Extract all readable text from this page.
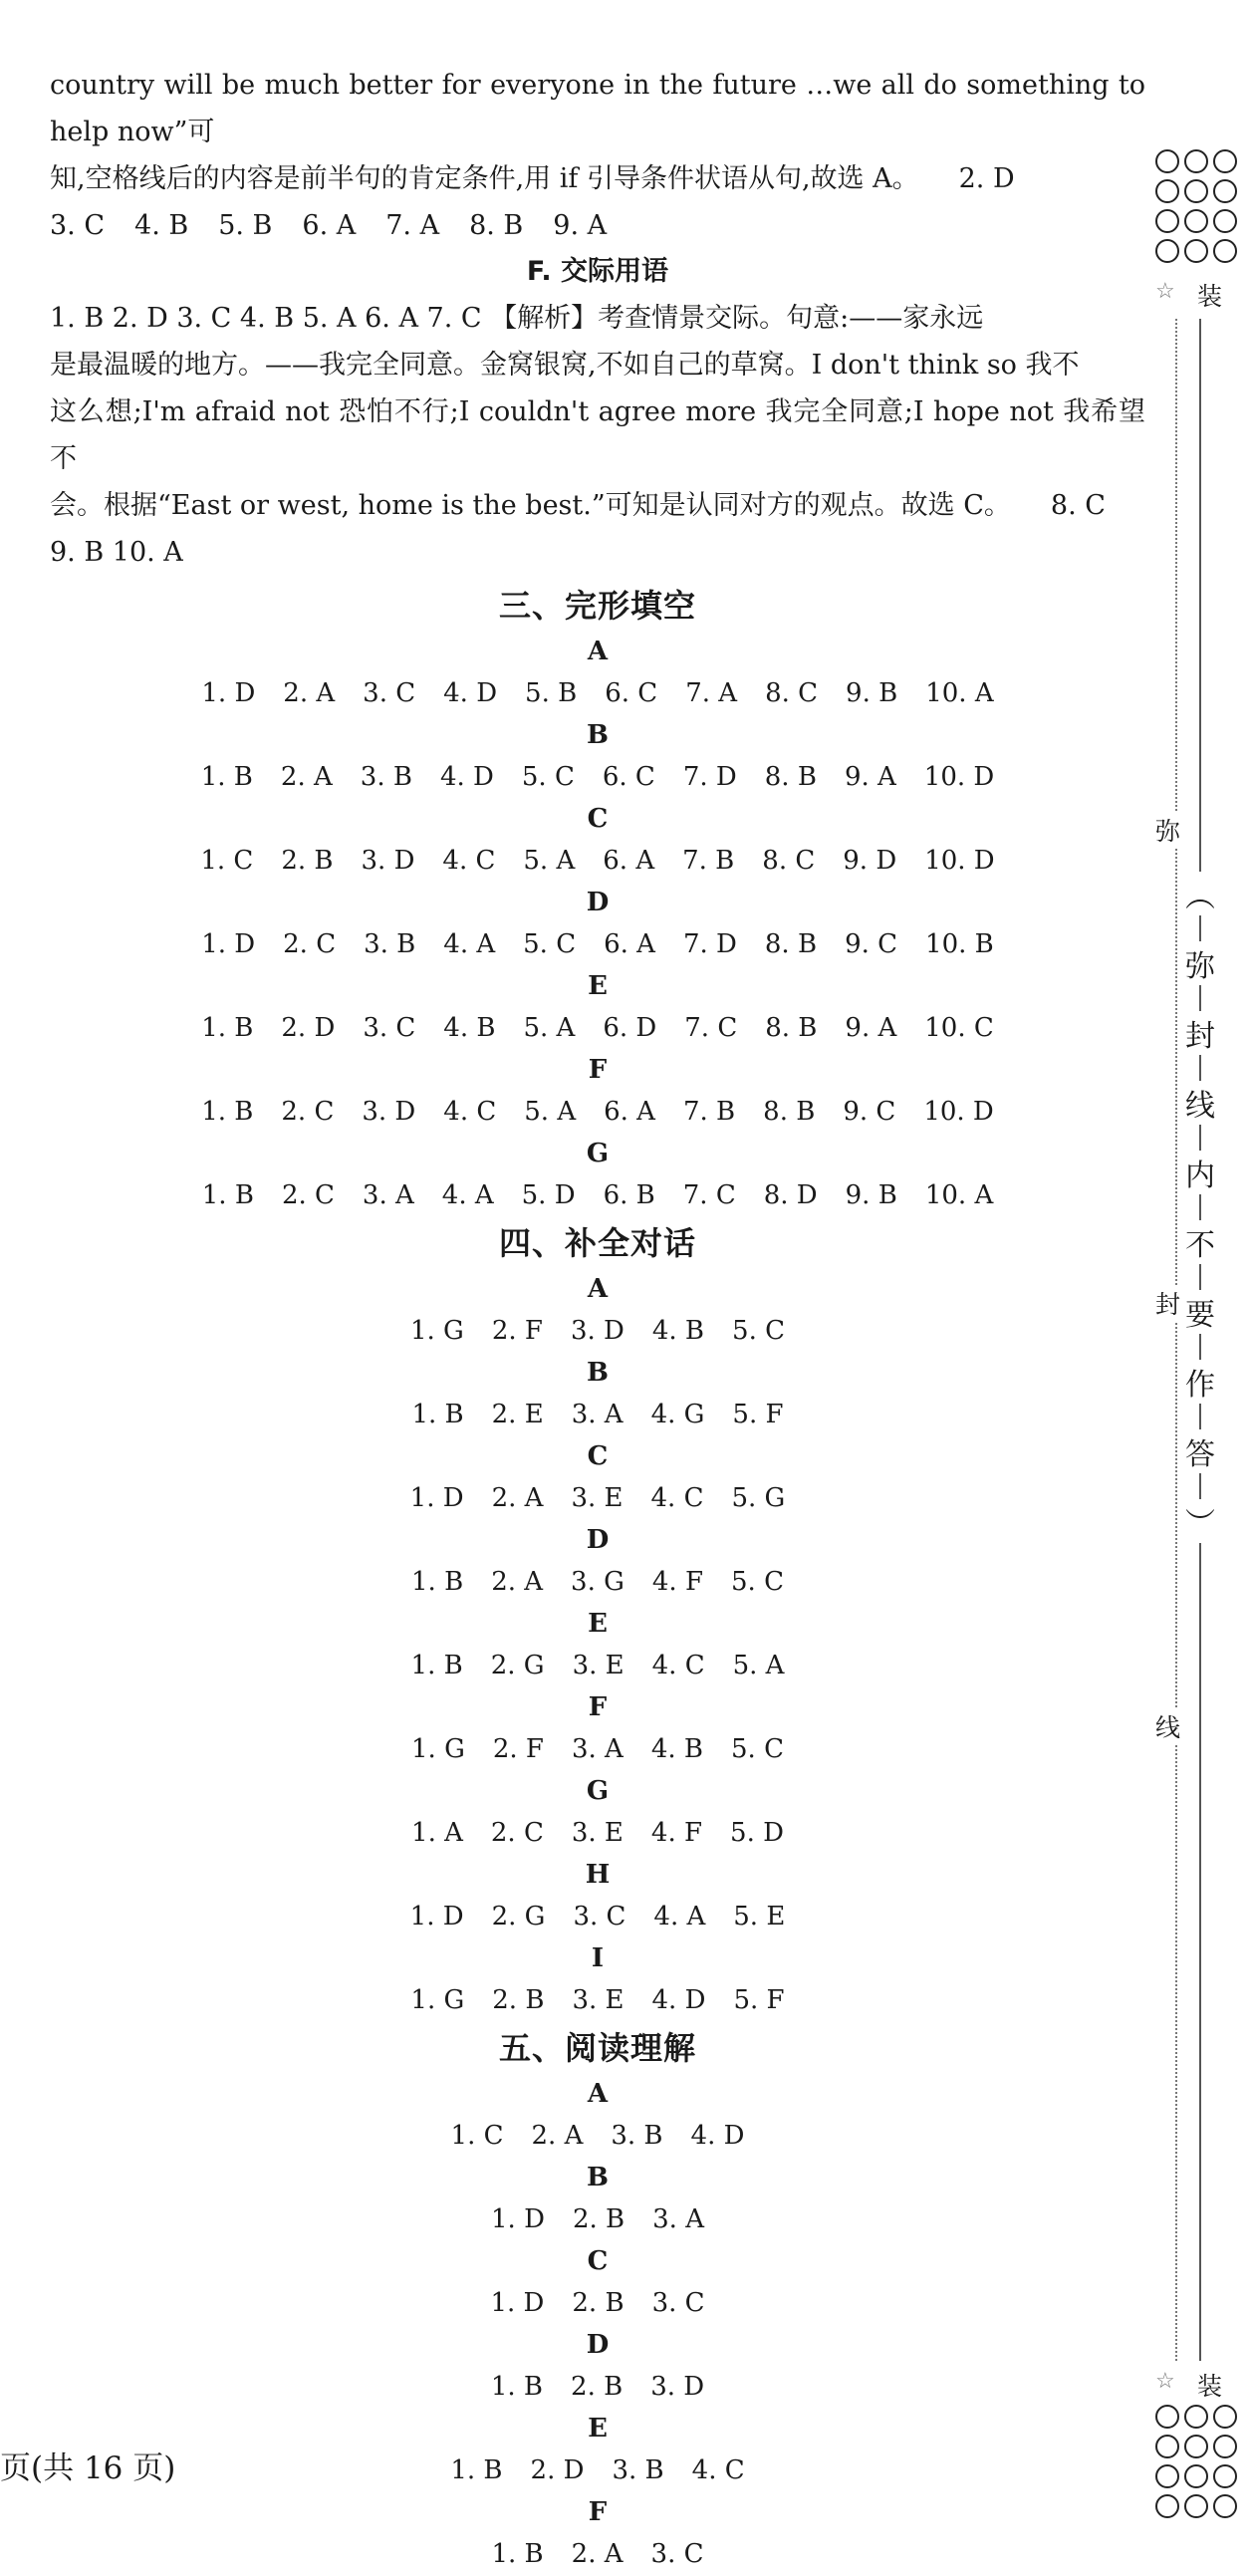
country will be much better for everyone in the future …we all do something to help now”可
知,空格线后的内容是前半句的肯定条件,用 if 引导条件状语从句,故选 A。 2. D
3. C 4. B 5. B 6. A 7. A 8. B 9. A

F. 交际用语

1. B 2. D 3. C 4. B 5. A 6. A 7. C 【解析】考查情景交际。句意:——家永远
是最温暖的地方。——我完全同意。金窝银窝,不如自己的草窝。I don't think so 我不
这么想;I'm afraid not 恐怕不行;I couldn't agree more 我完全同意;I hope not 我希望不
会。根据“East or west, home is the best.”可知是认同对方的观点。故选 C。 8. C
9. B 10. A

三、完形填空
A
1. D 2. A 3. C 4. D 5. B 6. C 7. A 8. C 9. B 10. A
B
1. B 2. A 3. B 4. D 5. C 6. C 7. D 8. B 9. A 10. D
C
1. C 2. B 3. D 4. C 5. A 6. A 7. B 8. C 9. D 10. D
D
1. D 2. C 3. B 4. A 5. C 6. A 7. D 8. B 9. C 10. B
E
1. B 2. D 3. C 4. B 5. A 6. D 7. C 8. B 9. A 10. C
F
1. B 2. C 3. D 4. C 5. A 6. A 7. B 8. B 9. C 10. D
G
1. B 2. C 3. A 4. A 5. D 6. B 7. C 8. D 9. B 10. A
四、补全对话
A
1. G 2. F 3. D 4. B 5. C
B
1. B 2. E 3. A 4. G 5. F
C
1. D 2. A 3. E 4. C 5. G
D
1. B 2. A 3. G 4. F 5. C
E
1. B 2. G 3. E 4. C 5. A
F
1. G 2. F 3. A 4. B 5. C
G
1. A 2. C 3. E 4. F 5. D
H
1. D 2. G 3. C 4. A 5. E
I
1. G 2. B 3. E 4. D 5. F
五、阅读理解
A
1. C 2. A 3. B 4. D
B
1. D 2. B 3. A
C
1. D 2. B 3. C
D
1. B 2. B 3. D
E
1. B 2. D 3. B 4. C
F
1. B 2. A 3. C
页(共 16 页)
☆ 装
弥
封
线
︵
弥
封
线
内
不
要
作
答
︶
☆ 装
